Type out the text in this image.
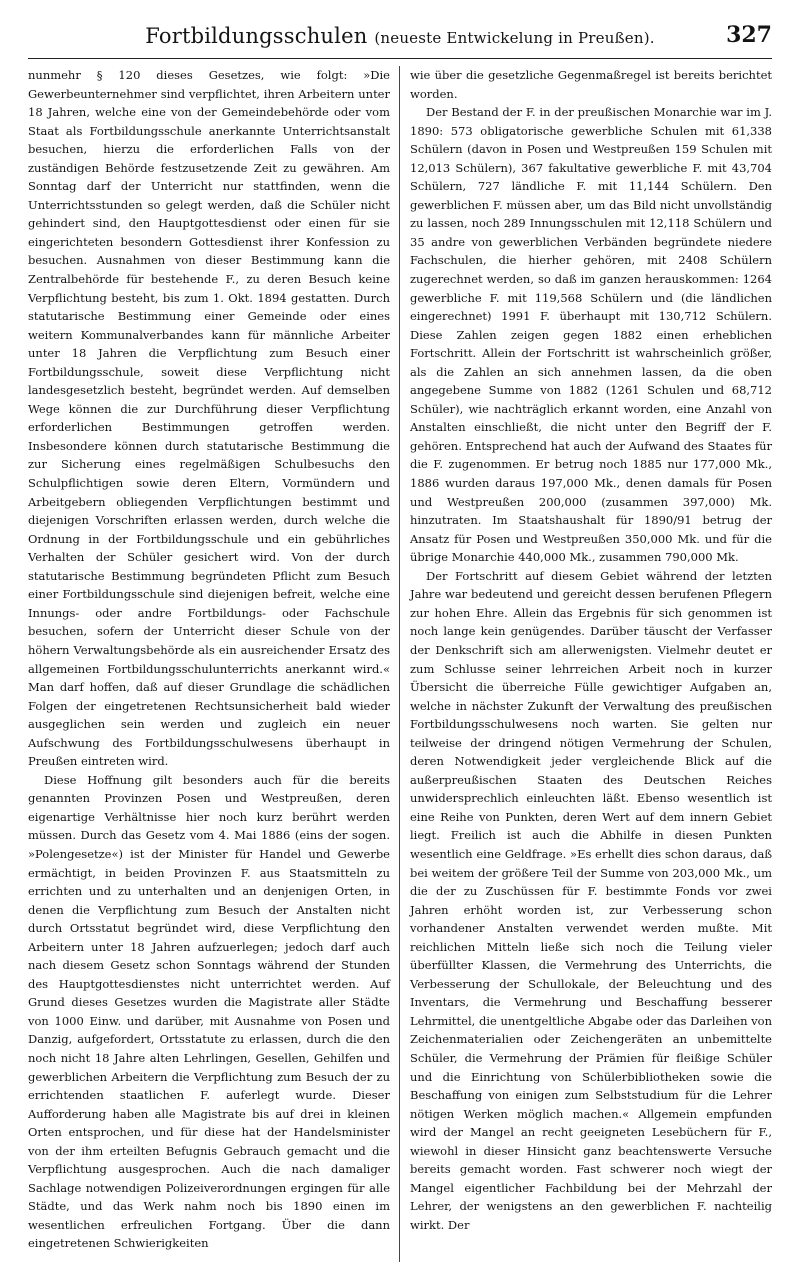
Fortbildungsschulen (neueste Entwickelung in Preußen).	327

nunmehr § 120 dieses Gesetzes, wie folgt: »Die Gewerbeunternehmer sind verpflichtet, ihren Arbeitern unter 18 Jahren, welche eine von der Gemeindebehörde oder vom Staat als Fortbildungsschule anerkannte Unterrichtsanstalt besuchen, hierzu die erforderlichen Falls von der zuständigen Behörde festzusetzende Zeit zu gewähren. Am Sonntag darf der Unterricht nur stattfinden, wenn die Unterrichtsstunden so gelegt werden, daß die Schüler nicht gehindert sind, den Hauptgottesdienst oder einen für sie eingerichteten besondern Gottesdienst ihrer Konfession zu besuchen. Ausnahmen von dieser Bestimmung kann die Zentralbehörde für bestehende F., zu deren Besuch keine Verpflichtung besteht, bis zum 1. Okt. 1894 gestatten. Durch statutarische Bestimmung einer Gemeinde oder eines weitern Kommunalverbandes kann für männliche Arbeiter unter 18 Jahren die Verpflichtung zum Besuch einer Fortbildungsschule, soweit diese Verpflichtung nicht landesgesetzlich besteht, begründet werden. Auf demselben Wege können die zur Durchführung dieser Verpflichtung erforderlichen Bestimmungen getroffen werden. Insbesondere können durch statutarische Bestimmung die zur Sicherung eines regelmäßigen Schulbesuchs den Schulpflichtigen sowie deren Eltern, Vormündern und Arbeitgebern obliegenden Verpflichtungen bestimmt und diejenigen Vorschriften erlassen werden, durch welche die Ordnung in der Fortbildungsschule und ein gebührliches Verhalten der Schüler gesichert wird. Von der durch statutarische Bestimmung begründeten Pflicht zum Besuch einer Fortbildungsschule sind diejenigen befreit, welche eine Innungs- oder andre Fortbildungs- oder Fachschule besuchen, sofern der Unterricht dieser Schule von der höhern Verwaltungsbehörde als ein ausreichender Ersatz des allgemeinen Fortbildungsschulunterrichts anerkannt wird.« Man darf hoffen, daß auf dieser Grundlage die schädlichen Folgen der eingetretenen Rechtsunsicherheit bald wieder ausgeglichen sein werden und zugleich ein neuer Aufschwung des Fortbildungsschulwesens überhaupt in Preußen eintreten wird.

Diese Hoffnung gilt besonders auch für die bereits genannten Provinzen Posen und Westpreußen, deren eigenartige Verhältnisse hier noch kurz berührt werden müssen. Durch das Gesetz vom 4. Mai 1886 (eins der sogen. »Polengesetze«) ist der Minister für Handel und Gewerbe ermächtigt, in beiden Provinzen F. aus Staatsmitteln zu errichten und zu unterhalten und an denjenigen Orten, in denen die Verpflichtung zum Besuch der Anstalten nicht durch Ortsstatut begründet wird, diese Verpflichtung den Arbeitern unter 18 Jahren aufzuerlegen; jedoch darf auch nach diesem Gesetz schon Sonntags während der Stunden des Hauptgottesdienstes nicht unterrichtet werden. Auf Grund dieses Gesetzes wurden die Magistrate aller Städte von 1000 Einw. und darüber, mit Ausnahme von Posen und Danzig, aufgefordert, Ortsstatute zu erlassen, durch die den noch nicht 18 Jahre alten Lehrlingen, Gesellen, Gehilfen und gewerblichen Arbeitern die Verpflichtung zum Besuch der zu errichtenden staatlichen F. auferlegt wurde. Dieser Aufforderung haben alle Magistrate bis auf drei in kleinen Orten entsprochen, und für diese hat der Handelsminister von der ihm erteilten Befugnis Gebrauch gemacht und die Verpflichtung ausgesprochen. Auch die nach damaliger Sachlage notwendigen Polizeiverordnungen ergingen für alle Städte, und das Werk nahm noch bis 1890 einen im wesentlichen erfreulichen Fortgang. Über die dann eingetretenen Schwierigkeiten

wie über die gesetzliche Gegenmaßregel ist bereits berichtet worden.

Der Bestand der F. in der preußischen Monarchie war im J. 1890: 573 obligatorische gewerbliche Schulen mit 61,338 Schülern (davon in Posen und Westpreußen 159 Schulen mit 12,013 Schülern), 367 fakultative gewerbliche F. mit 43,704 Schülern, 727 ländliche F. mit 11,144 Schülern. Den gewerblichen F. müssen aber, um das Bild nicht unvollständig zu lassen, noch 289 Innungsschulen mit 12,118 Schülern und 35 andre von gewerblichen Verbänden begründete niedere Fachschulen, die hierher gehören, mit 2408 Schülern zugerechnet werden, so daß im ganzen herauskommen: 1264 gewerbliche F. mit 119,568 Schülern und (die ländlichen eingerechnet) 1991 F. überhaupt mit 130,712 Schülern. Diese Zahlen zeigen gegen 1882 einen erheblichen Fortschritt. Allein der Fortschritt ist wahrscheinlich größer, als die Zahlen an sich annehmen lassen, da die oben angegebene Summe von 1882 (1261 Schulen und 68,712 Schüler), wie nachträglich erkannt worden, eine Anzahl von Anstalten einschließt, die nicht unter den Begriff der F. gehören. Entsprechend hat auch der Aufwand des Staates für die F. zugenommen. Er betrug noch 1885 nur 177,000 Mk., 1886 wurden daraus 197,000 Mk., denen damals für Posen und Westpreußen 200,000 (zusammen 397,000) Mk. hinzutraten. Im Staatshaushalt für 1890/91 betrug der Ansatz für Posen und Westpreußen 350,000 Mk. und für die übrige Monarchie 440,000 Mk., zusammen 790,000 Mk.

Der Fortschritt auf diesem Gebiet während der letzten Jahre war bedeutend und gereicht dessen berufenen Pflegern zur hohen Ehre. Allein das Ergebnis für sich genommen ist noch lange kein genügendes. Darüber täuscht der Verfasser der Denkschrift sich am allerwenigsten. Vielmehr deutet er zum Schlusse seiner lehrreichen Arbeit noch in kurzer Übersicht die überreiche Fülle gewichtiger Aufgaben an, welche in nächster Zukunft der Verwaltung des preußischen Fortbildungsschulwesens noch warten. Sie gelten nur teilweise der dringend nötigen Vermehrung der Schulen, deren Notwendigkeit jeder vergleichende Blick auf die außerpreußischen Staaten des Deutschen Reiches unwidersprechlich einleuchten läßt. Ebenso wesentlich ist eine Reihe von Punkten, deren Wert auf dem innern Gebiet liegt. Freilich ist auch die Abhilfe in diesen Punkten wesentlich eine Geldfrage. »Es erhellt dies schon daraus, daß bei weitem der größere Teil der Summe von 203,000 Mk., um die der zu Zuschüssen für F. bestimmte Fonds vor zwei Jahren erhöht worden ist, zur Verbesserung schon vorhandener Anstalten verwendet werden mußte. Mit reichlichen Mitteln ließe sich noch die Teilung vieler überfüllter Klassen, die Vermehrung des Unterrichts, die Verbesserung der Schullokale, der Beleuchtung und des Inventars, die Vermehrung und Beschaffung besserer Lehrmittel, die unentgeltliche Abgabe oder das Darleihen von Zeichenmaterialien oder Zeichengeräten an unbemittelte Schüler, die Vermehrung der Prämien für fleißige Schüler und die Einrichtung von Schülerbibliotheken sowie die Beschaffung von einigen zum Selbststudium für die Lehrer nötigen Werken möglich machen.« Allgemein empfunden wird der Mangel an recht geeigneten Lesebüchern für F., wiewohl in dieser Hinsicht ganz beachtenswerte Versuche bereits gemacht worden. Fast schwerer noch wiegt der Mangel eigentlicher Fachbildung bei der Mehrzahl der Lehrer, der wenigstens an den gewerblichen F. nachteilig wirkt. Der
